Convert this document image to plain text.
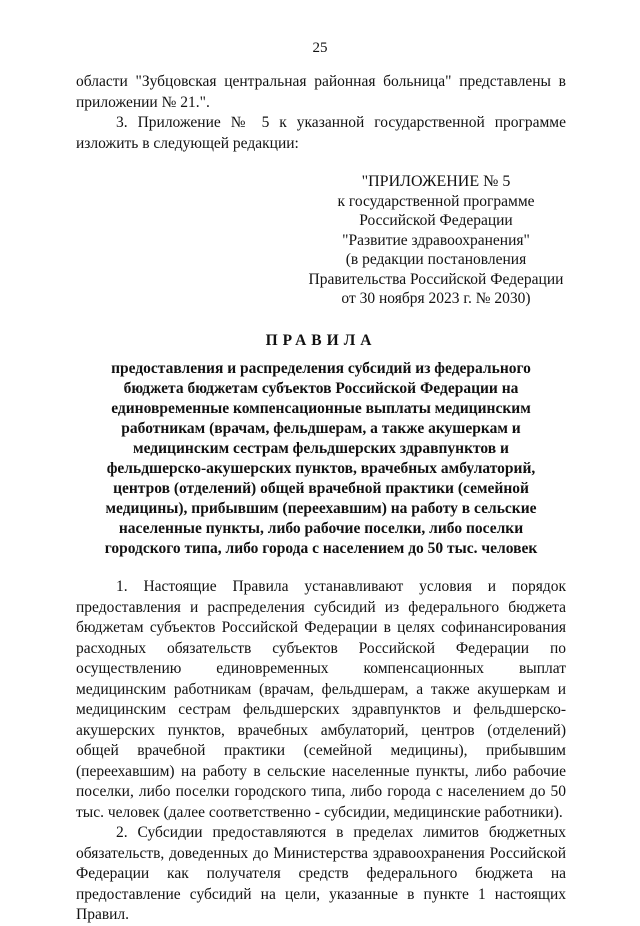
25

области "Зубцовская центральная районная больница" представлены в приложении № 21.".

3. Приложение № 5 к указанной государственной программе изложить в следующей редакции:

"ПРИЛОЖЕНИЕ № 5
к государственной программе
Российской Федерации
"Развитие здравоохранения"
(в редакции постановления
Правительства Российской Федерации
от 30 ноября 2023 г. № 2030)
ПРАВИЛА
предоставления и распределения субсидий из федерального бюджета бюджетам субъектов Российской Федерации на единовременные компенсационные выплаты медицинским работникам (врачам, фельдшерам, а также акушеркам и медицинским сестрам фельдшерских здравпунктов и фельдшерско-акушерских пунктов, врачебных амбулаторий, центров (отделений) общей врачебной практики (семейной медицины), прибывшим (переехавшим) на работу в сельские населенные пункты, либо рабочие поселки, либо поселки городского типа, либо города с населением до 50 тыс. человек

1. Настоящие Правила устанавливают условия и порядок предоставления и распределения субсидий из федерального бюджета бюджетам субъектов Российской Федерации в целях софинансирования расходных обязательств субъектов Российской Федерации по осуществлению единовременных компенсационных выплат медицинским работникам (врачам, фельдшерам, а также акушеркам и медицинским сестрам фельдшерских здравпунктов и фельдшерско-акушерских пунктов, врачебных амбулаторий, центров (отделений) общей врачебной практики (семейной медицины), прибывшим (переехавшим) на работу в сельские населенные пункты, либо рабочие поселки, либо поселки городского типа, либо города с населением до 50 тыс. человек (далее соответственно - субсидии, медицинские работники).

2. Субсидии предоставляются в пределах лимитов бюджетных обязательств, доведенных до Министерства здравоохранения Российской Федерации как получателя средств федерального бюджета на предоставление субсидий на цели, указанные в пункте 1 настоящих Правил.
